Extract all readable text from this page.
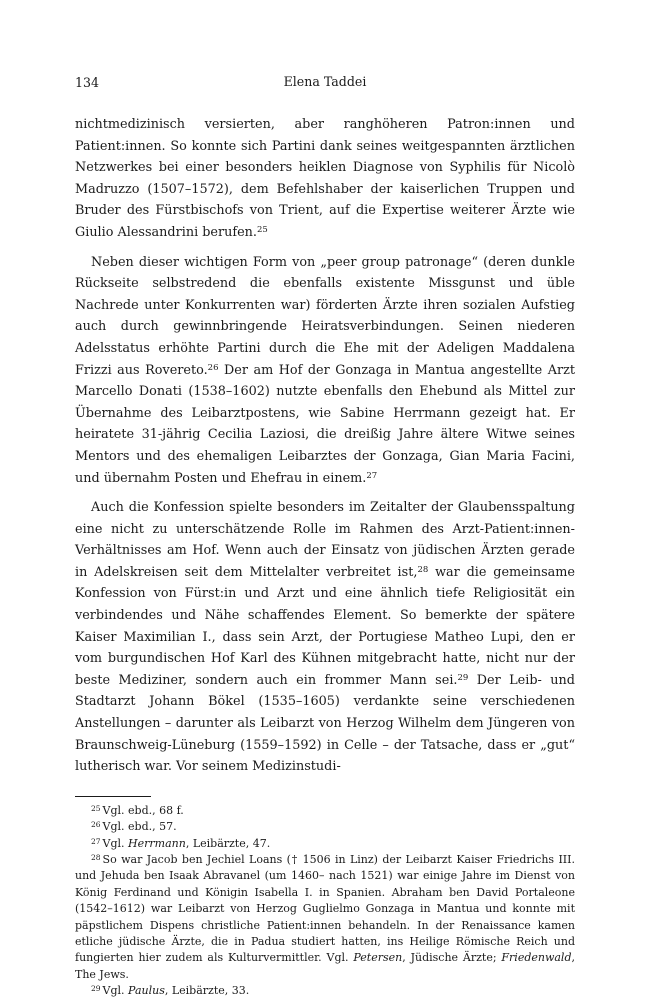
134	Elena Taddei

nichtmedizinisch versierten, aber ranghöheren Patron:innen und Patient:innen. So konnte sich Partini dank seines weitgespannten ärztlichen Netzwerkes bei einer besonders heiklen Diagnose von Syphilis für Nicolò Madruzzo (1507–1572), dem Befehlshaber der kaiserlichen Truppen und Bruder des Fürstbischofs von Trient, auf die Expertise weiterer Ärzte wie Giulio Alessandrini berufen.$^{25}$

Neben dieser wichtigen Form von „peer group patronage“ (deren dunkle Rückseite selbstredend die ebenfalls existente Missgunst und üble Nachrede unter Konkurrenten war) förderten Ärzte ihren sozialen Aufstieg auch durch gewinnbringende Heiratsverbindungen. Seinen niederen Adelsstatus erhöhte Partini durch die Ehe mit der Adeligen Maddalena Frizzi aus Rovereto.$^{26}$ Der am Hof der Gonzaga in Mantua angestellte Arzt Marcello Donati (1538–1602) nutzte ebenfalls den Ehebund als Mittel zur Übernahme des Leibarztpostens, wie Sabine Herrmann gezeigt hat. Er heiratete 31-jährig Cecilia Laziosi, die dreißig Jahre ältere Witwe seines Mentors und des ehemaligen Leibarztes der Gonzaga, Gian Maria Facini, und übernahm Posten und Ehefrau in einem.$^{27}$

Auch die Konfession spielte besonders im Zeitalter der Glaubensspaltung eine nicht zu unterschätzende Rolle im Rahmen des Arzt-Patient:innen-Verhältnisses am Hof. Wenn auch der Einsatz von jüdischen Ärzten gerade in Adelskreisen seit dem Mittelalter verbreitet ist,$^{28}$ war die gemeinsame Konfession von Fürst:in und Arzt und eine ähnlich tiefe Religiosität ein verbindendes und Nähe schaffendes Element. So bemerkte der spätere Kaiser Maximilian I., dass sein Arzt, der Portugiese Matheo Lupi, den er vom burgundischen Hof Karl des Kühnen mitgebracht hatte, nicht nur der beste Mediziner, sondern auch ein frommer Mann sei.$^{29}$ Der Leib- und Stadtarzt Johann Bökel (1535–1605) verdankte seine verschiedenen Anstellungen – darunter als Leibarzt von Herzog Wilhelm dem Jüngeren von Braunschweig-Lüneburg (1559–1592) in Celle – der Tatsache, dass er „gut“ lutherisch war. Vor seinem Medizinstudi-

$^{25}$ Vgl. ebd., 68 f.

$^{26}$ Vgl. ebd., 57.

$^{27}$ Vgl. Herrmann, Leibärzte, 47.

$^{28}$ So war Jacob ben Jechiel Loans († 1506 in Linz) der Leibarzt Kaiser Friedrichs III. und Jehuda ben Isaak Abravanel (um 1460– nach 1521) war einige Jahre im Dienst von König Ferdinand und Königin Isabella I. in Spanien. Abraham ben David Portaleone (1542–1612) war Leibarzt von Herzog Guglielmo Gonzaga in Mantua und konnte mit päpstlichem Dispens christliche Patient:innen behandeln. In der Renaissance kamen etliche jüdische Ärzte, die in Padua studiert hatten, ins Heilige Römische Reich und fungierten hier zudem als Kulturvermittler. Vgl. Petersen, Jüdische Ärzte; Friedenwald, The Jews.

$^{29}$ Vgl. Paulus, Leibärzte, 33.
